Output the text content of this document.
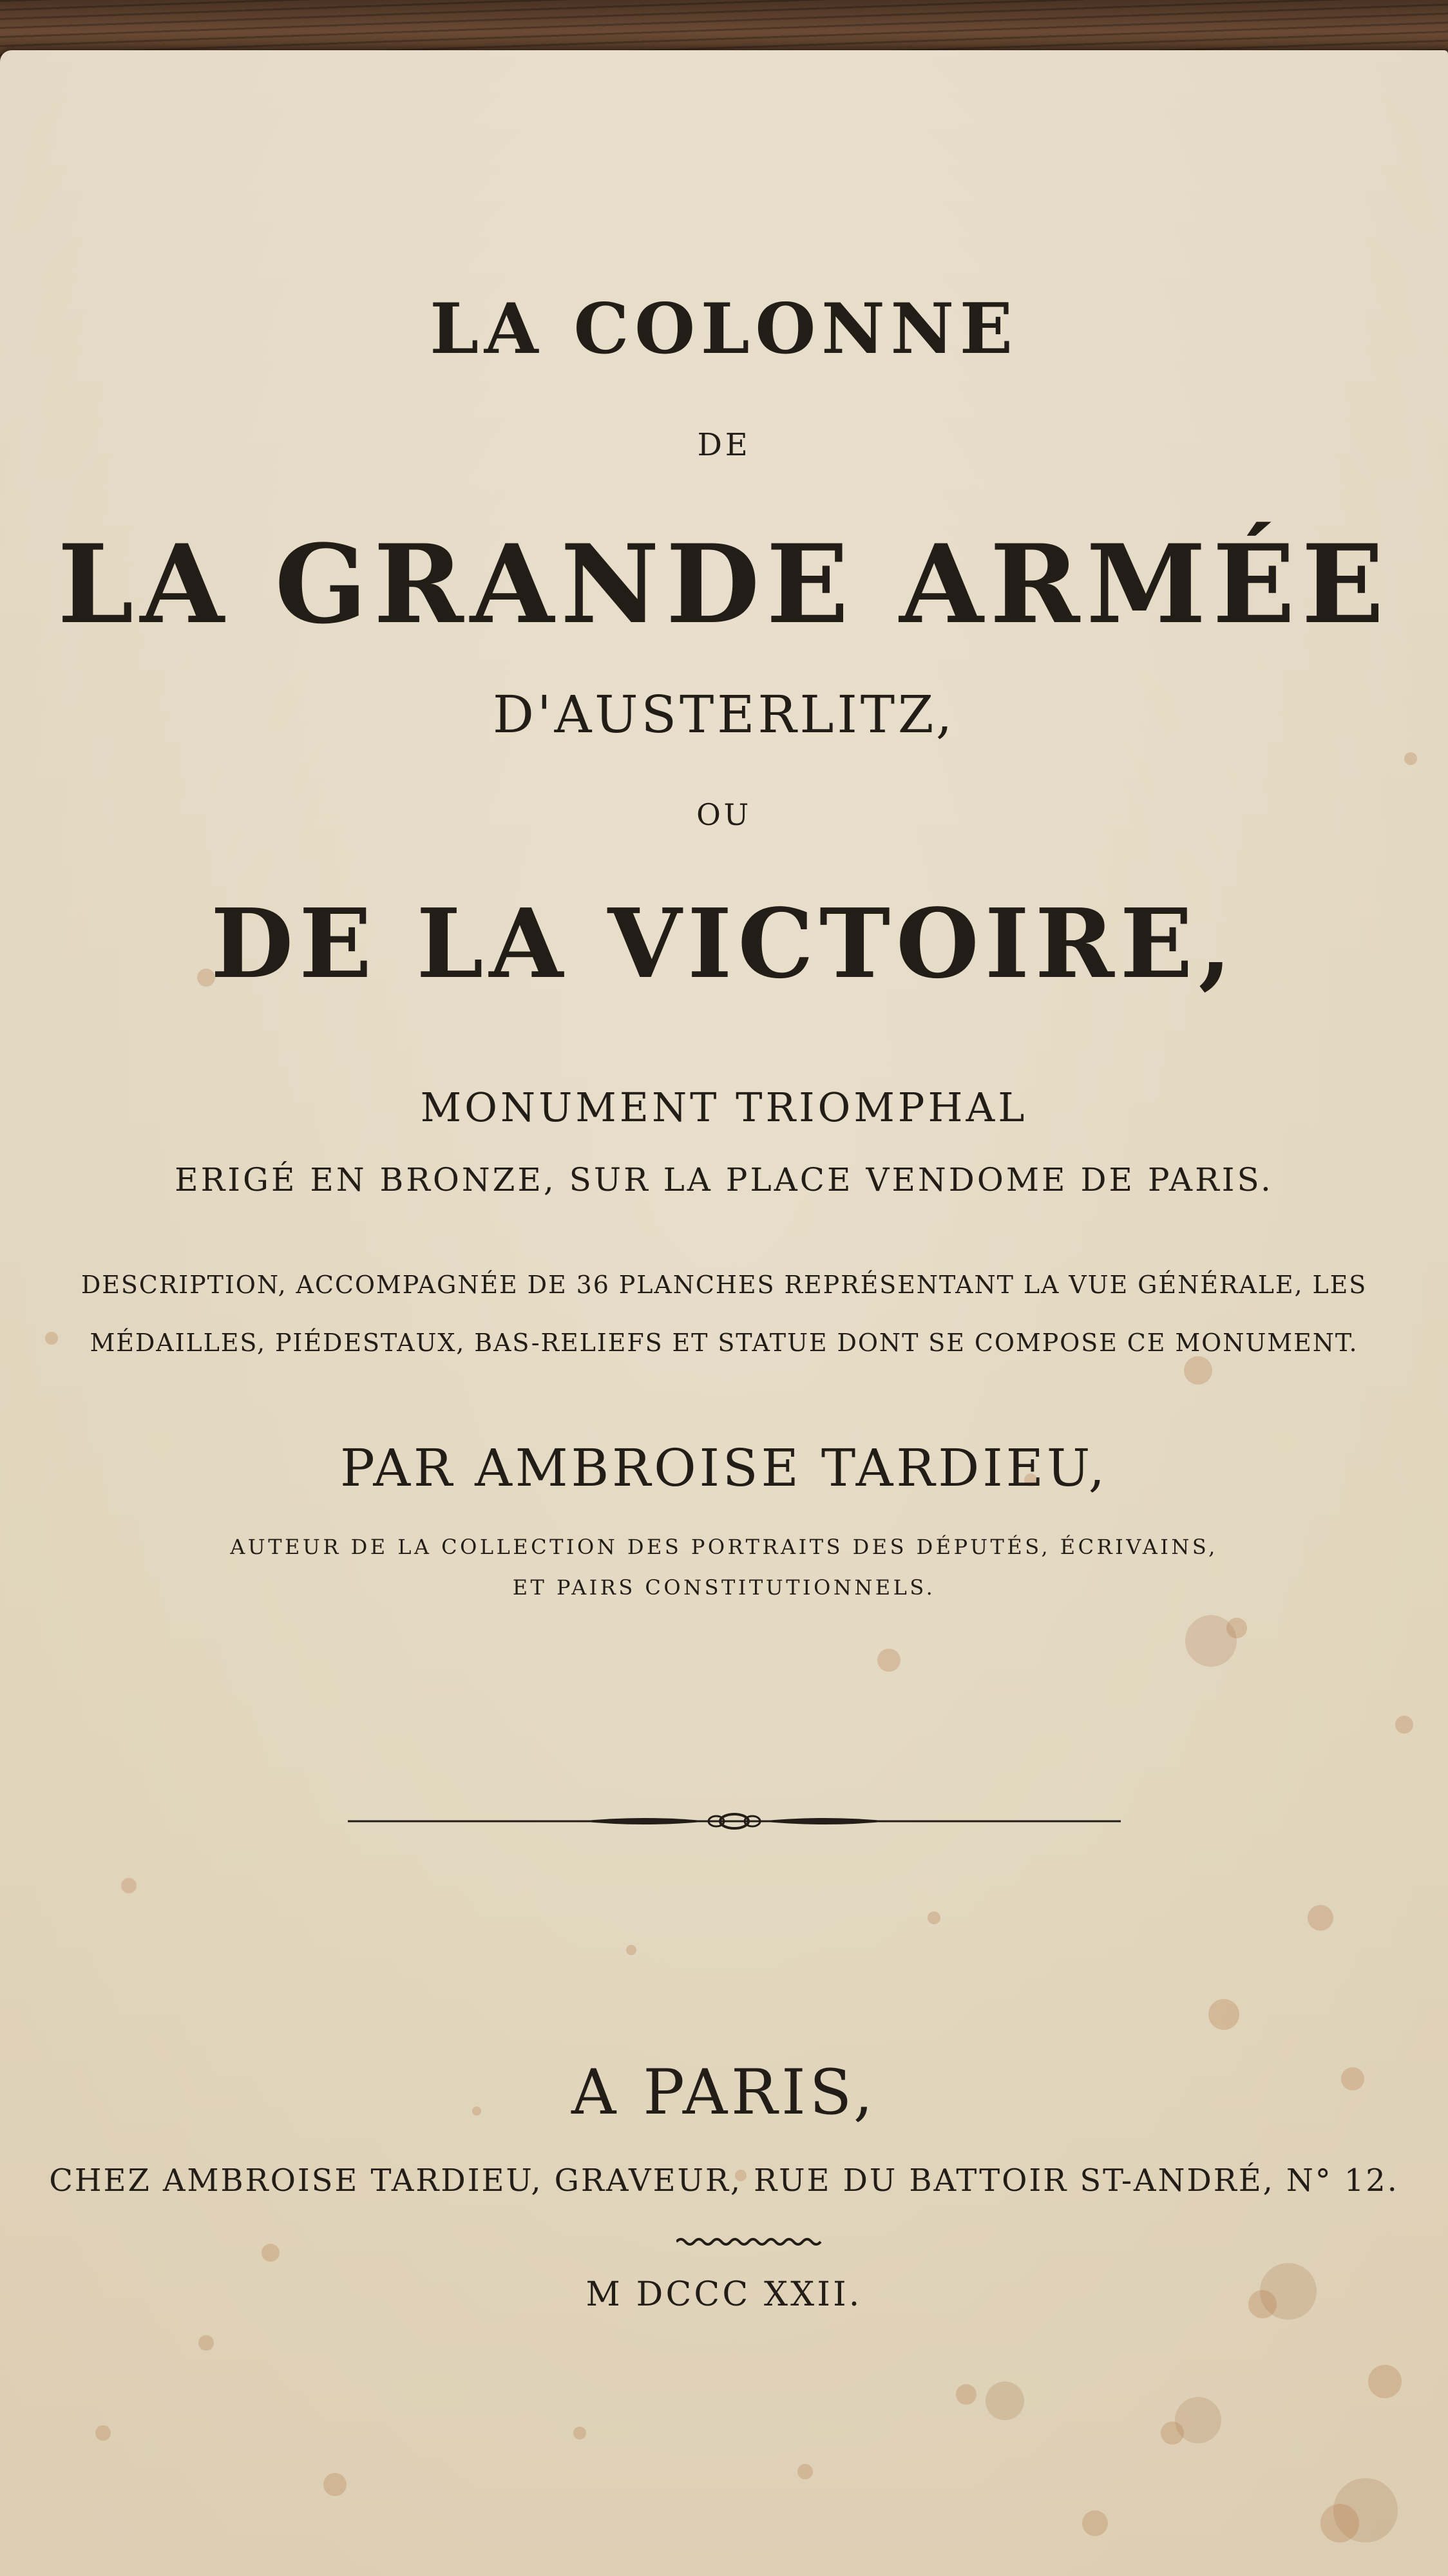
LA COLONNE
DE
LA GRANDE ARMÉE
D'AUSTERLITZ,
OU
DE LA VICTOIRE,
MONUMENT TRIOMPHAL
ERIGÉ EN BRONZE, SUR LA PLACE VENDOME DE PARIS.
DESCRIPTION, ACCOMPAGNÉE DE 36 PLANCHES REPRÉSENTANT LA VUE GÉNÉRALE, LES
MÉDAILLES, PIÉDESTAUX, BAS-RELIEFS ET STATUE DONT SE COMPOSE CE MONUMENT.
PAR AMBROISE TARDIEU,
AUTEUR DE LA COLLECTION DES PORTRAITS DES DÉPUTÉS, ÉCRIVAINS,
ET PAIRS CONSTITUTIONNELS.
A PARIS,
CHEZ AMBROISE TARDIEU, GRAVEUR, RUE DU BATTOIR ST-ANDRÉ, N° 12.
M DCCC XXII.
